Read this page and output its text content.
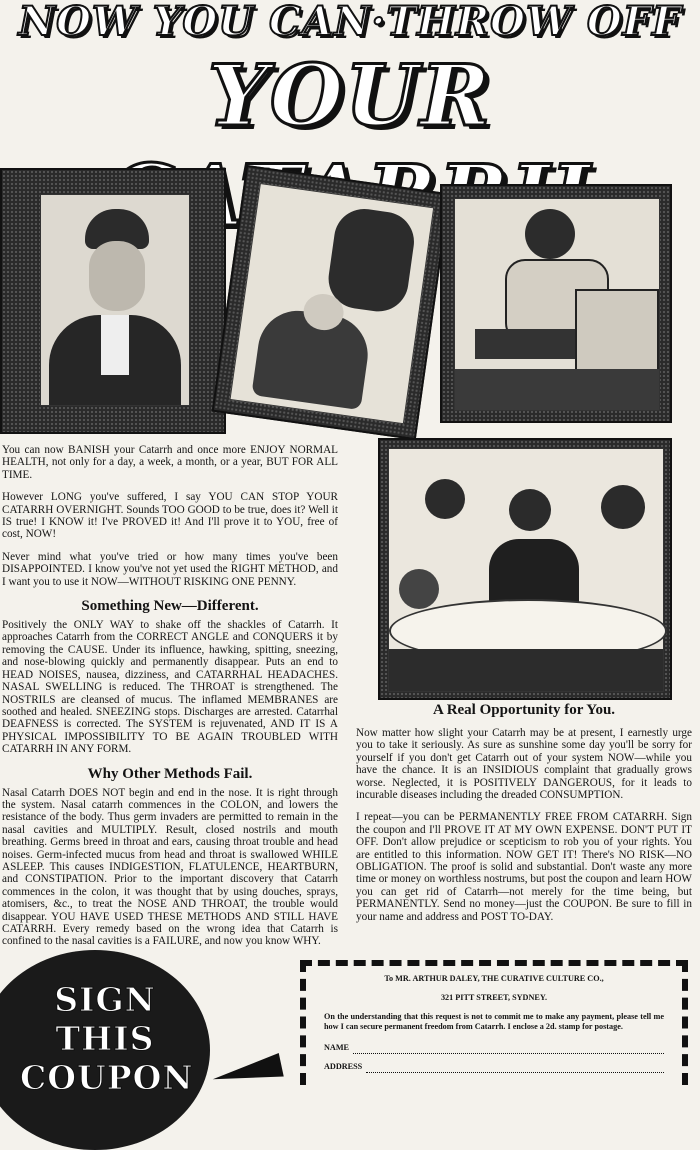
NOW YOU CAN·THROW OFF
YOUR

You can now BANISH your Catarrh and once more ENJOY NORMAL HEALTH, not only for a day, a week, a month, or a year, BUT FOR ALL TIME.

However LONG you've suffered, I say YOU CAN STOP YOUR CATARRH OVERNIGHT. Sounds TOO GOOD to be true, does it? Well it IS true! I KNOW it! I've PROVED it! And I'll prove it to YOU, free of cost, NOW!

Never mind what you've tried or how many times you've been DISAPPOINTED. I know you've not yet used the RIGHT METHOD, and I want you to use it NOW—WITHOUT RISKING ONE PENNY.

Something New—Different.

Positively the ONLY WAY to shake off the shackles of Catarrh. It approaches Catarrh from the CORRECT ANGLE and CONQUERS it by removing the CAUSE. Under its influence, hawking, spitting, sneezing, and nose-blowing quickly and permanently disappear. Puts an end to HEAD NOISES, nausea, dizziness, and CATARRHAL HEADACHES. NASAL SWELLING is reduced. The THROAT is strengthened. The NOSTRILS are cleansed of mucus. The inflamed MEMBRANES are soothed and healed. SNEEZING stops. Discharges are arrested. Catarrhal DEAFNESS is corrected. The SYSTEM is rejuvenated, AND IT IS A PHYSICAL IMPOSSIBILITY TO BE AGAIN TROUBLED WITH CATARRH IN ANY FORM.

Why Other Methods Fail.

Nasal Catarrh DOES NOT begin and end in the nose. It is right through the system. Nasal catarrh commences in the COLON, and lowers the resistance of the body. Thus germ invaders are permitted to remain in the nasal cavities and MULTIPLY. Result, closed nostrils and mouth breathing. Germs breed in throat and ears, causing throat trouble and head noises. Germ-infected mucus from head and throat is swallowed WHILE ASLEEP. This causes INDIGESTION, FLATULENCE, HEARTBURN, and CONSTIPATION. Prior to the important discovery that Catarrh commences in the colon, it was thought that by using douches, sprays, atomisers, &c., to treat the NOSE AND THROAT, the trouble would disappear. YOU HAVE USED THESE METHODS AND STILL HAVE CATARRH. Every remedy based on the wrong idea that Catarrh is confined to the nasal cavities is a FAILURE, and now you know WHY.

A Real Opportunity for You.

Now matter how slight your Catarrh may be at present, I earnestly urge you to take it seriously. As sure as sunshine some day you'll be sorry for yourself if you don't get Catarrh out of your system NOW—while you have the chance. It is an INSIDIOUS complaint that gradually grows worse. Neglected, it is POSITIVELY DANGEROUS, for it leads to incurable diseases including the dreaded CONSUMPTION.

I repeat—you can be PERMANENTLY FREE FROM CATARRH. Sign the coupon and I'll PROVE IT AT MY OWN EXPENSE. DON'T PUT IT OFF. Don't allow prejudice or scepticism to rob you of your rights. You are entitled to this information. NOW GET IT! There's NO RISK—NO OBLIGATION. The proof is solid and substantial. Don't waste any more time or money on worthless nostrums, but post the coupon and learn HOW you can get rid of Catarrh—not merely for the time being, but PERMANENTLY. Send no money—just the COUPON. Be sure to fill in your name and address and POST TO-DAY.

SIGN
THIS
COUPON

To MR. ARTHUR DALEY, THE CURATIVE CULTURE CO.,

321 PITT STREET, SYDNEY.

On the understanding that this request is not to commit me to make any payment, please tell me how I can secure permanent freedom from Catarrh. I enclose a 2d. stamp for postage.

NAME
ADDRESS
